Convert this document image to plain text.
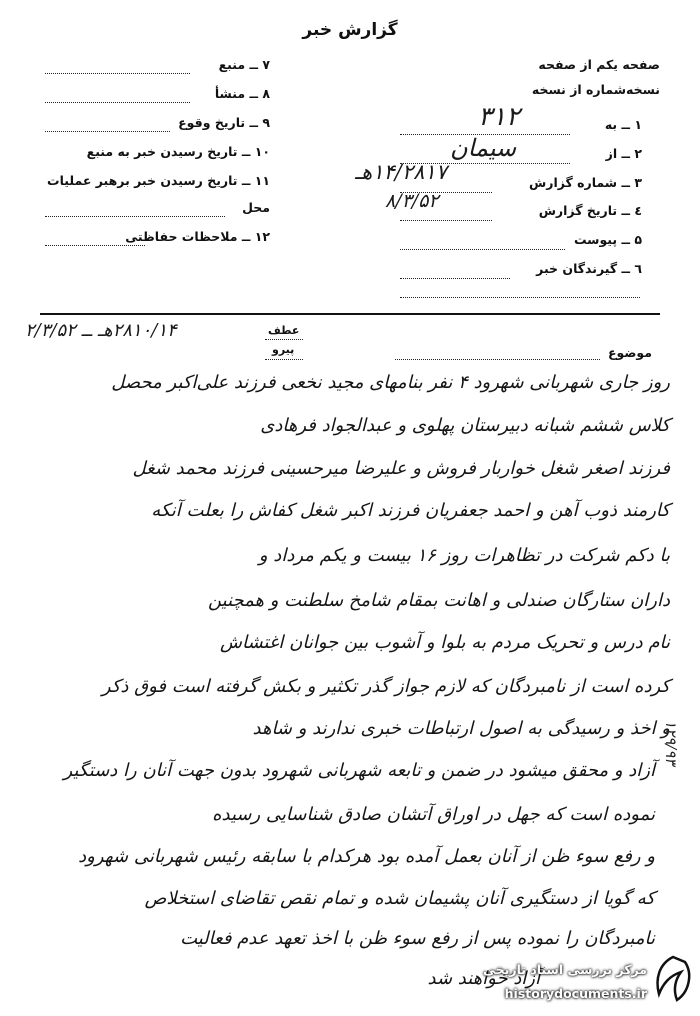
گزارش خبر
صفحه یکم از صفحه
نسخه‌شماره از نسخه
۱ ــ به
۳۱۲
۲ ــ از
سیمان
۳ ــ شماره گزارش
۱۴/۲۸۱۷هـ
٤ ــ تاریخ گزارش
۸/۳/۵۲
۵ ــ پیوست
٦ ــ گیرندگان خبر
۷ ــ منبع
۸ ــ منشأ
۹ ــ تاریخ وقوع
۱۰ ــ تاریخ رسیدن خبر به منبع
۱۱ ــ تاریخ رسیدن خبر برهبر عملیات
محل
۱۲ ــ ملاحظات حفاظتی
موضوع
عطف
پیرو
۲۸۱۰/۱۴هـ ــ ۲/۳/۵۲
روز جاری شهربانی شهرود ۴ نفر بنامهای مجید نخعی فرزند علی‌اکبر محصل
کلاس ششم شبانه دبیرستان پهلوی و عبدالجواد فرهادی
فرزند اصغر شغل خواربار فروش و علیرضا میرحسینی فرزند محمد شغل
کارمند ذوب آهن و احمد جعفریان فرزند اکبر شغل کفاش را بعلت آنکه
با دکم شرکت در تظاهرات روز ۱۶ بیست و یکم مرداد و
داران ستارگان صندلی و اهانت بمقام شامخ سلطنت و همچنین
نام درس و تحریک مردم به بلوا و آشوب بین جوانان اغتشاش
کرده است از نامبردگان که لازم جواز گذر تکثیر و بکش گرفته است فوق ذکر
و اخذ و رسیدگی به اصول ارتباطات خبری ندارند و شاهد
آزاد و محقق میشود در ضمن و تابعه شهربانی شهرود بدون جهت آنان را دستگیر
نموده است که جهل در اوراق آتشان صادق شناسایی رسیده
و رفع سوء ظن از آنان بعمل آمده بود هرکدام با سابقه رئیس شهربانی شهرود
که گویا از دستگیری آنان پشیمان شده و تمام نقص تقاضای استخلاص
نامبردگان را نموده پس از رفع سوء ظن با اخذ تعهد عدم فعالیت
آزاد خواهند شد
۱۲۹/۹۳
مرکز بررسی اسناد تاریخی
historydocuments.ir
